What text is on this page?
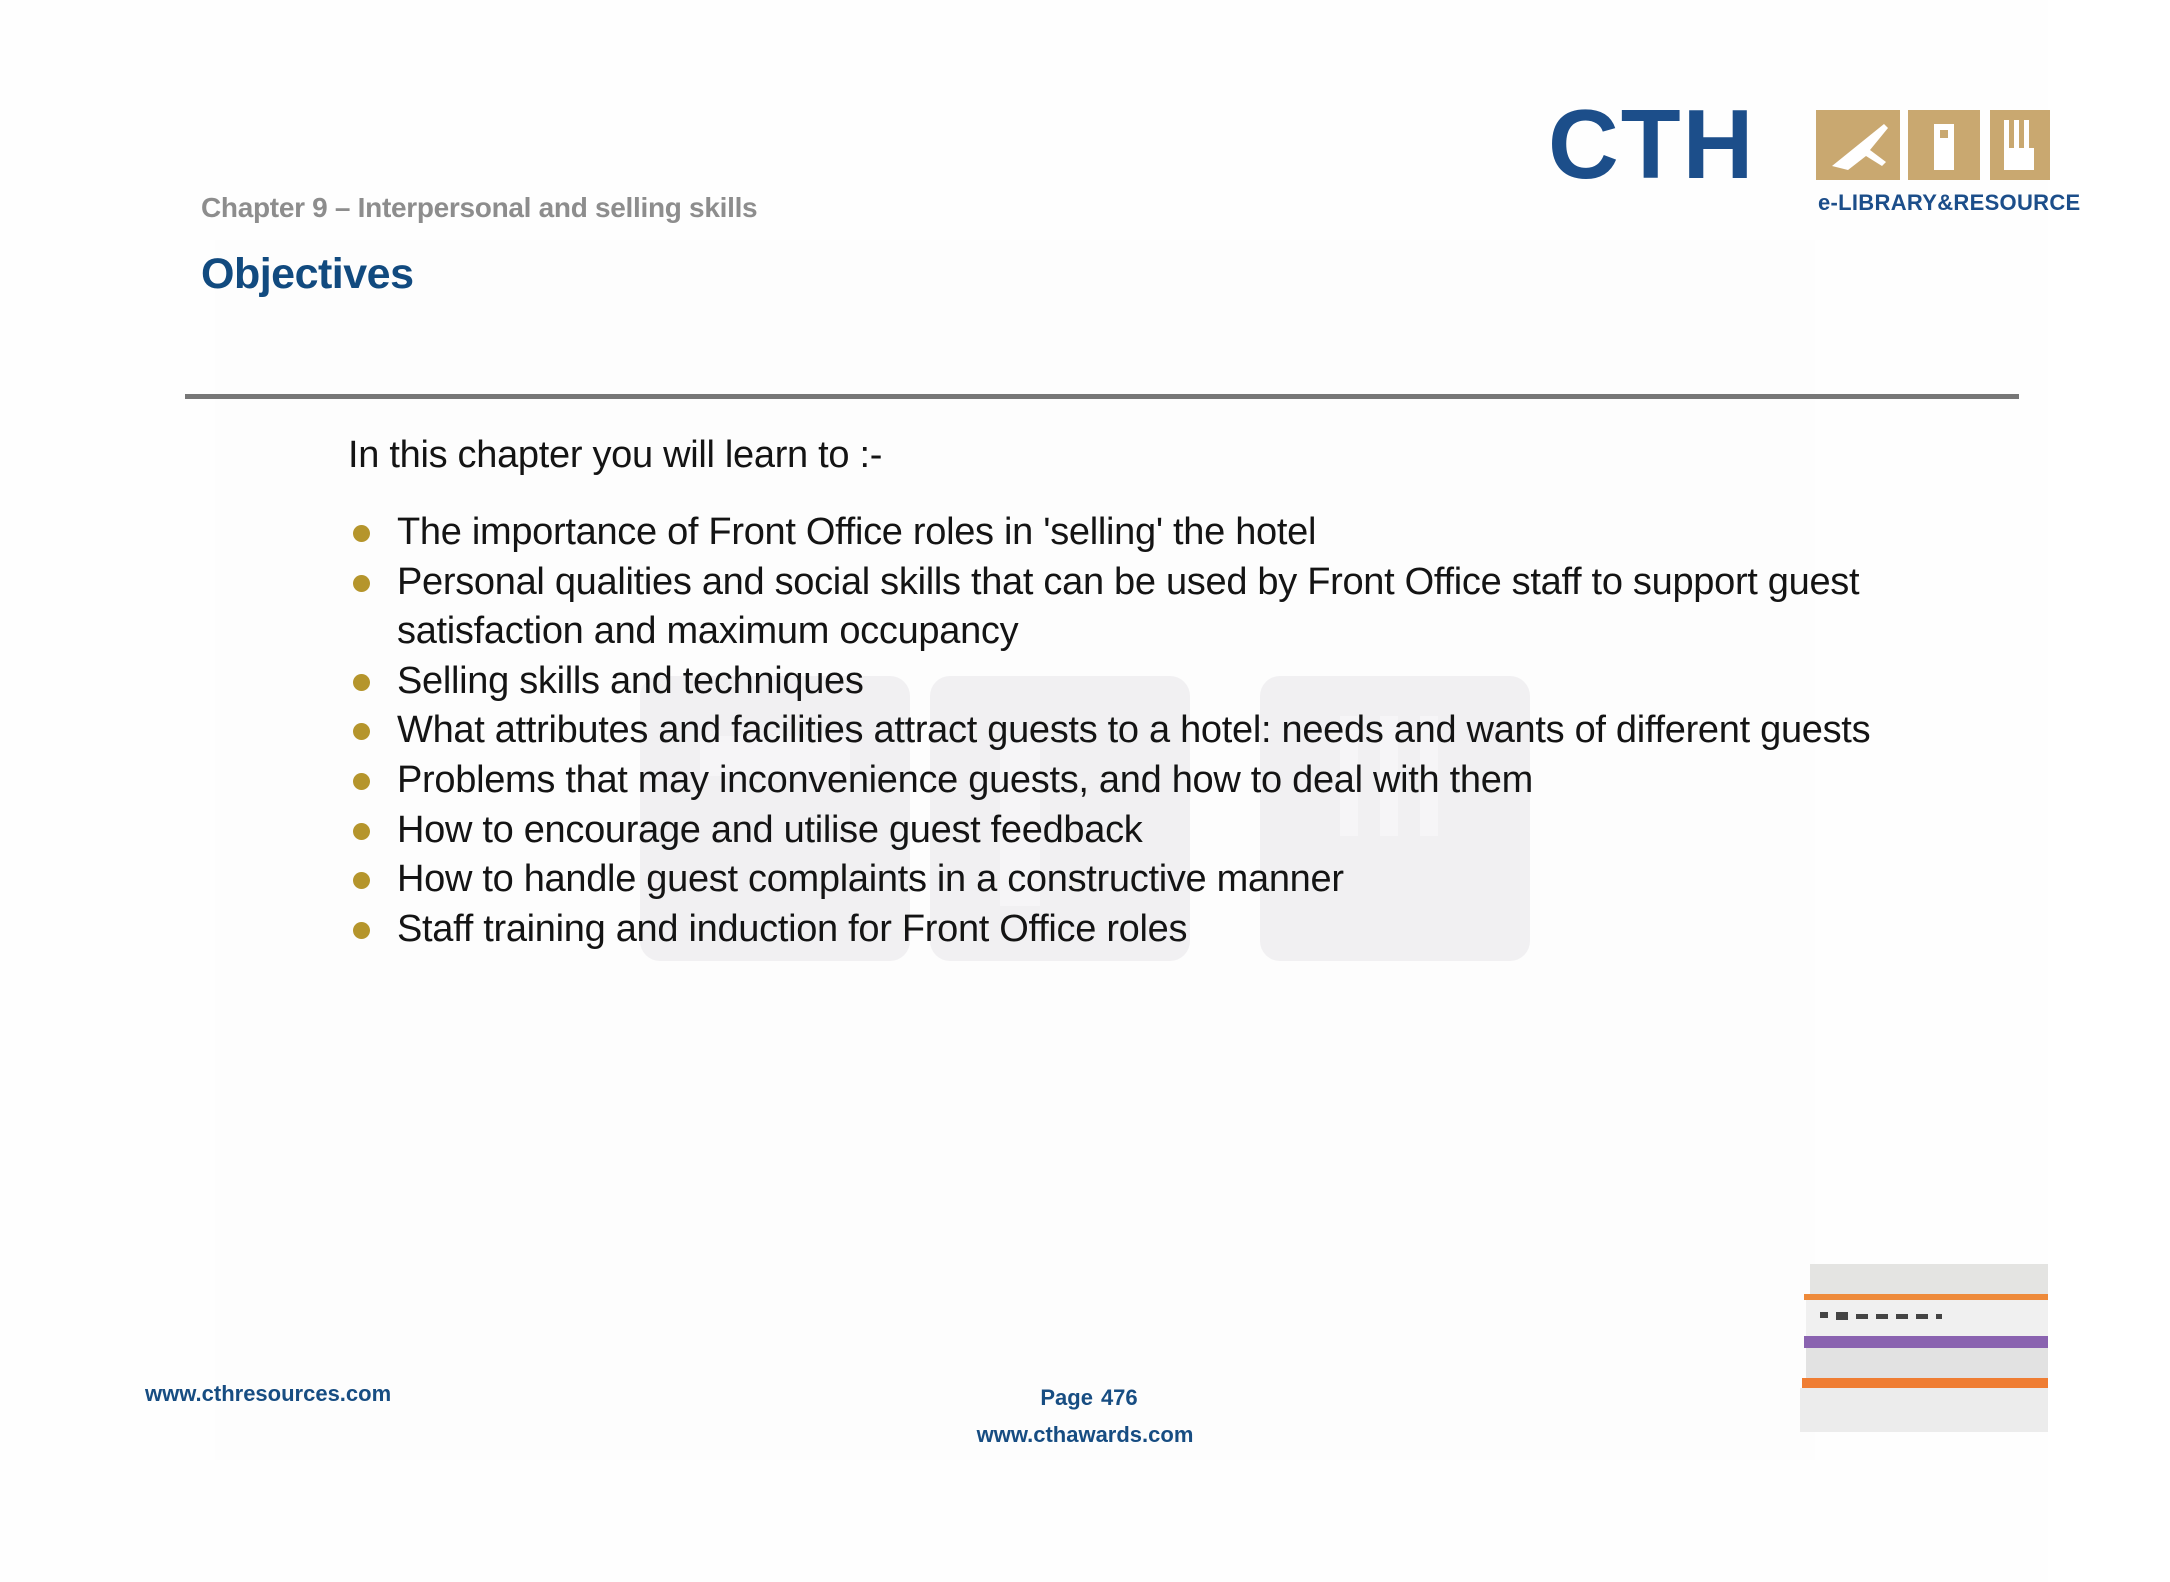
Chapter 9 – Interpersonal and selling skills
Objectives
CTH
e-LIBRARY&RESOURCE
In this chapter you will learn to :-
The importance of Front Office roles in 'selling' the hotel
Personal qualities and social skills that can be used by Front Office staff to support guest satisfaction and maximum occupancy
Selling skills and techniques
What attributes and facilities attract guests to a hotel: needs and wants of different guests
Problems that may inconvenience guests, and how to deal with them
How to encourage and utilise guest feedback
How to handle guest complaints in a constructive manner
Staff training and induction for Front Office roles
www.cthresources.com	Page 476
www.cthawards.com
